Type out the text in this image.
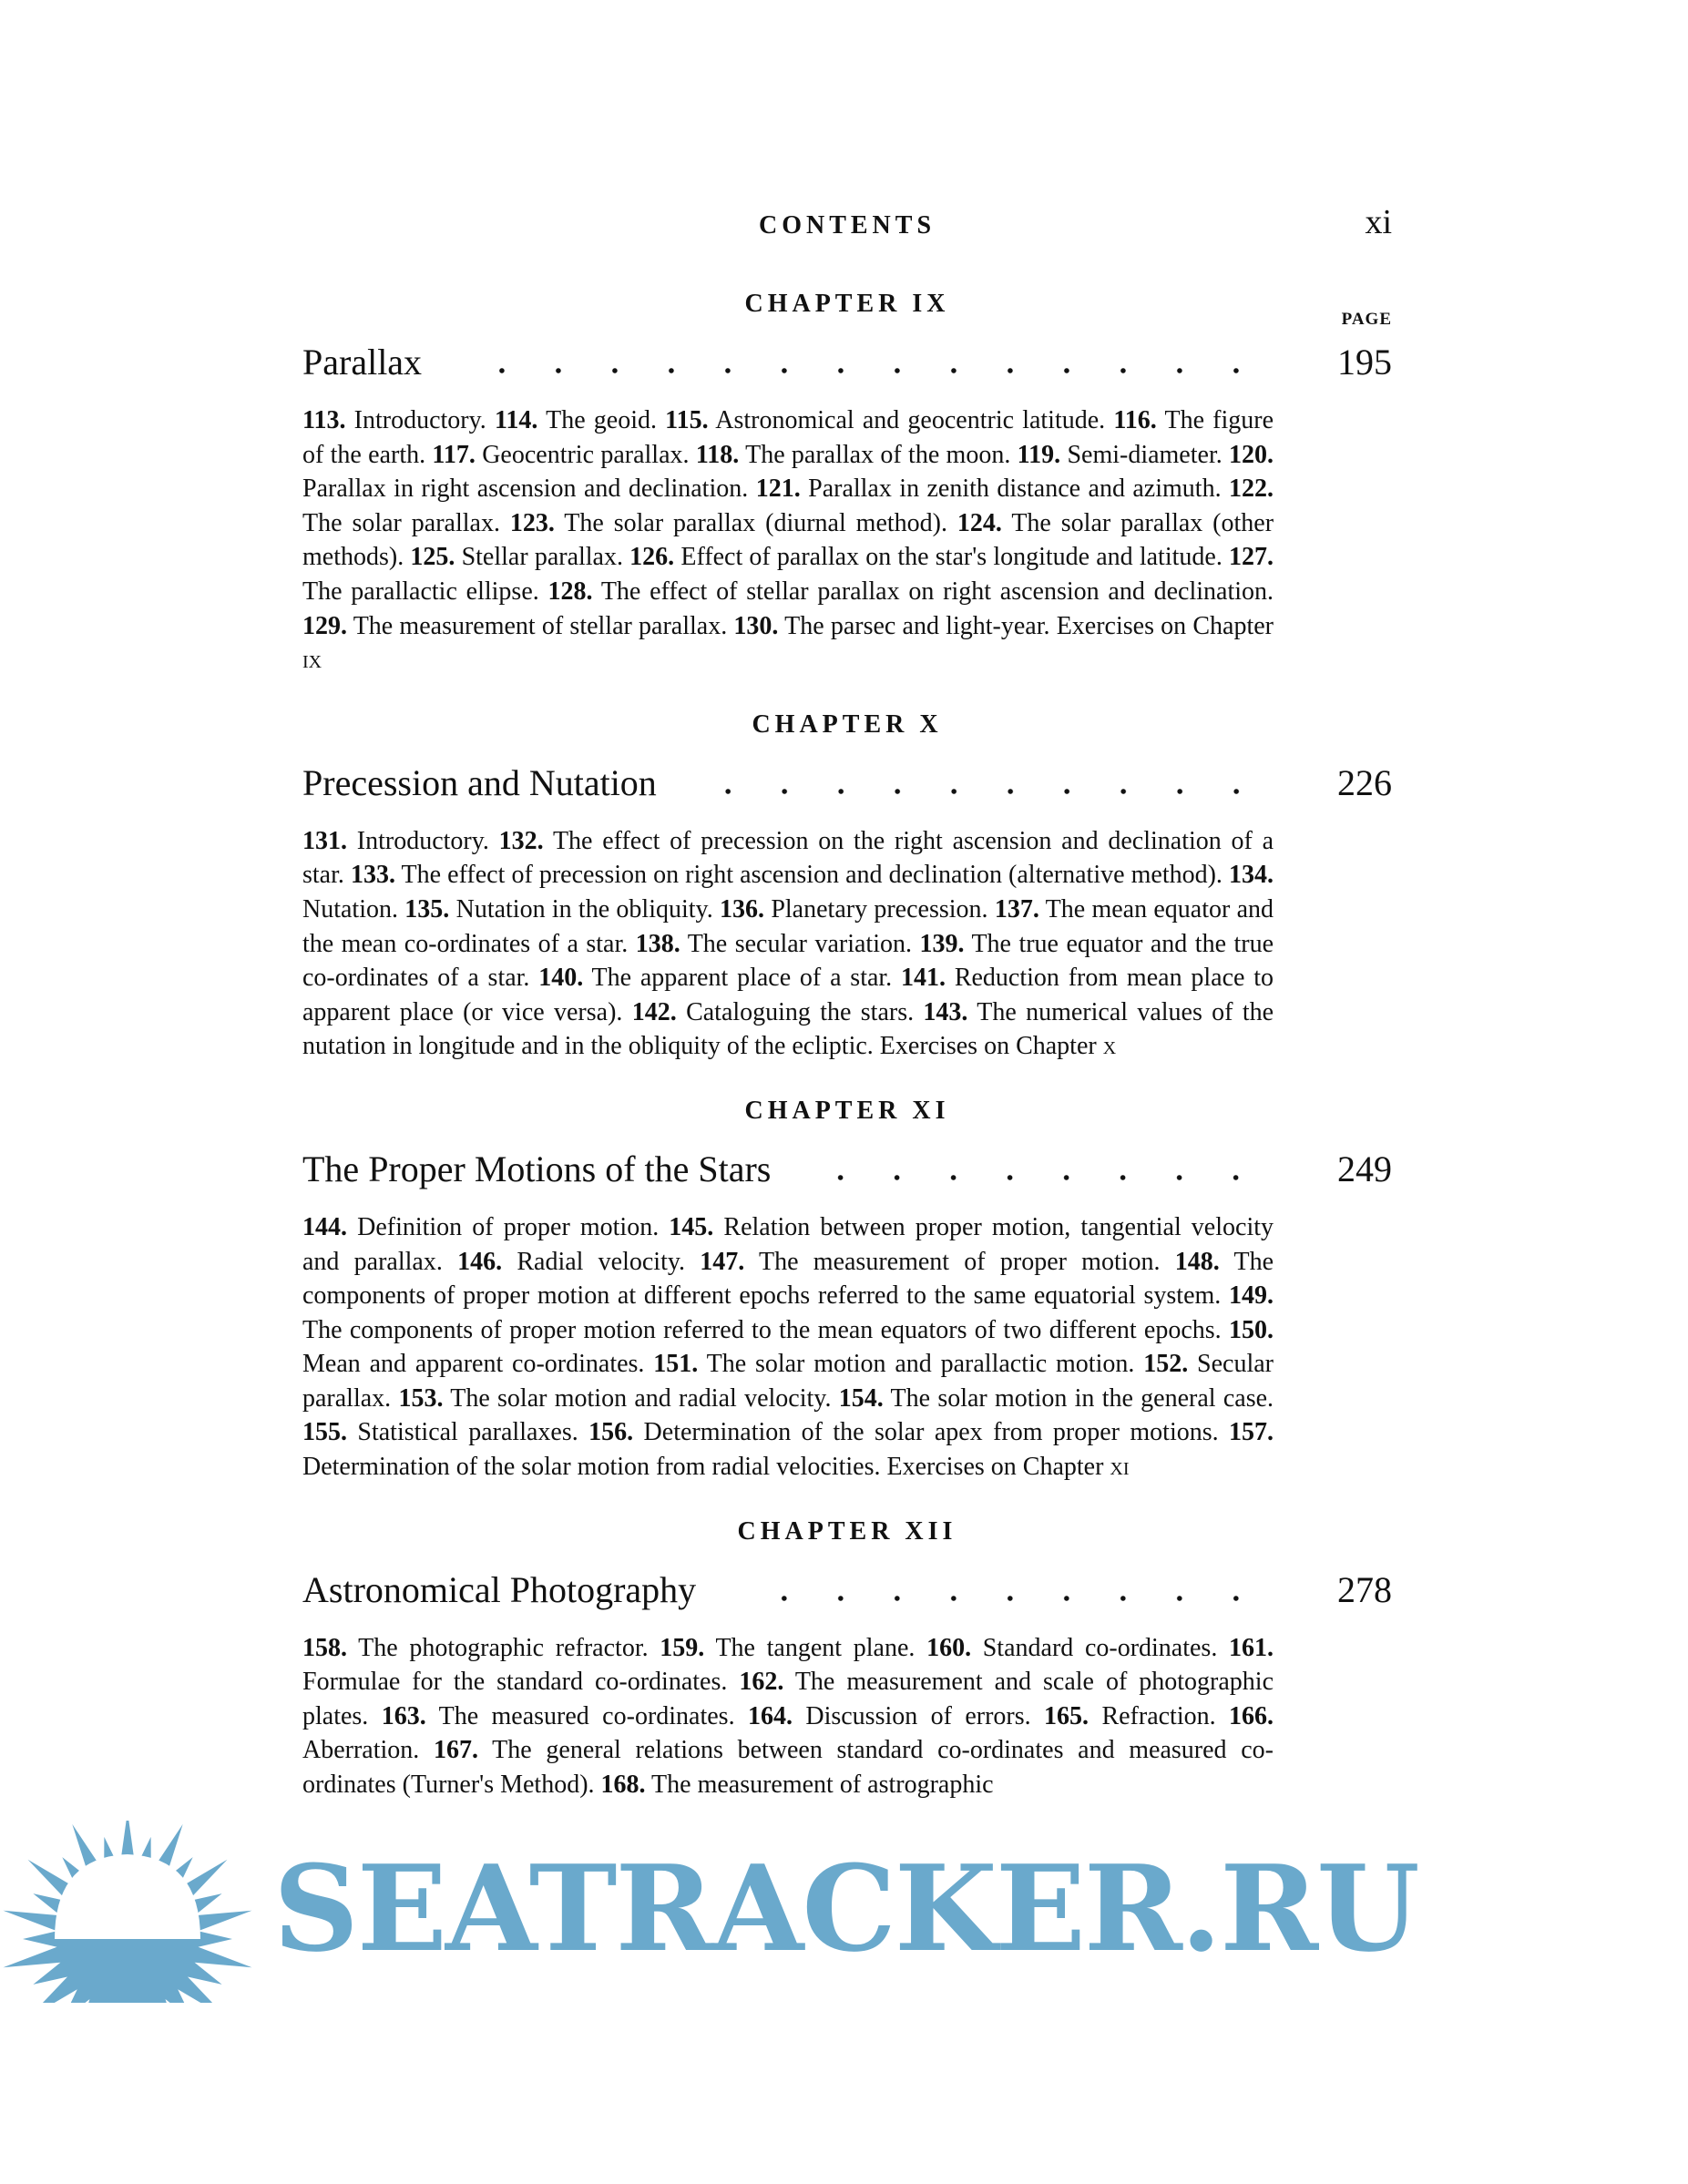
CONTENTS	xi
CHAPTER IX
PAGE
Parallax	195
113. Introductory. 114. The geoid. 115. Astronomical and geocentric latitude. 116. The figure of the earth. 117. Geocentric parallax. 118. The parallax of the moon. 119. Semi-diameter. 120. Parallax in right ascension and declination. 121. Parallax in zenith distance and azimuth. 122. The solar parallax. 123. The solar parallax (diurnal method). 124. The solar parallax (other methods). 125. Stellar parallax. 126. Effect of parallax on the star's longitude and latitude. 127. The parallactic ellipse. 128. The effect of stellar parallax on right ascension and declination. 129. The measurement of stellar parallax. 130. The parsec and light-year. Exercises on Chapter ix
CHAPTER X
Precession and Nutation	226
131. Introductory. 132. The effect of precession on the right ascension and declination of a star. 133. The effect of precession on right ascension and declination (alternative method). 134. Nutation. 135. Nutation in the obliquity. 136. Planetary precession. 137. The mean equator and the mean co-ordinates of a star. 138. The secular variation. 139. The true equator and the true co-ordinates of a star. 140. The apparent place of a star. 141. Reduction from mean place to apparent place (or vice versa). 142. Cataloguing the stars. 143. The numerical values of the nutation in longitude and in the obliquity of the ecliptic. Exercises on Chapter x
CHAPTER XI
The Proper Motions of the Stars	249
144. Definition of proper motion. 145. Relation between proper motion, tangential velocity and parallax. 146. Radial velocity. 147. The measurement of proper motion. 148. The components of proper motion at different epochs referred to the same equatorial system. 149. The components of proper motion referred to the mean equators of two different epochs. 150. Mean and apparent co-ordinates. 151. The solar motion and parallactic motion. 152. Secular parallax. 153. The solar motion and radial velocity. 154. The solar motion in the general case. 155. Statistical parallaxes. 156. Determination of the solar apex from proper motions. 157. Determination of the solar motion from radial velocities. Exercises on Chapter xi
CHAPTER XII
Astronomical Photography	278
158. The photographic refractor. 159. The tangent plane. 160. Standard co-ordinates. 161. Formulae for the standard co-ordinates. 162. The measurement and scale of photographic plates. 163. The measured co-ordinates. 164. Discussion of errors. 165. Refraction. 166. Aberration. 167. The general relations between standard co-ordinates and measured co-ordinates (Turner's Method). 168. The measurement of astrographic
SEATRACKER.RU
